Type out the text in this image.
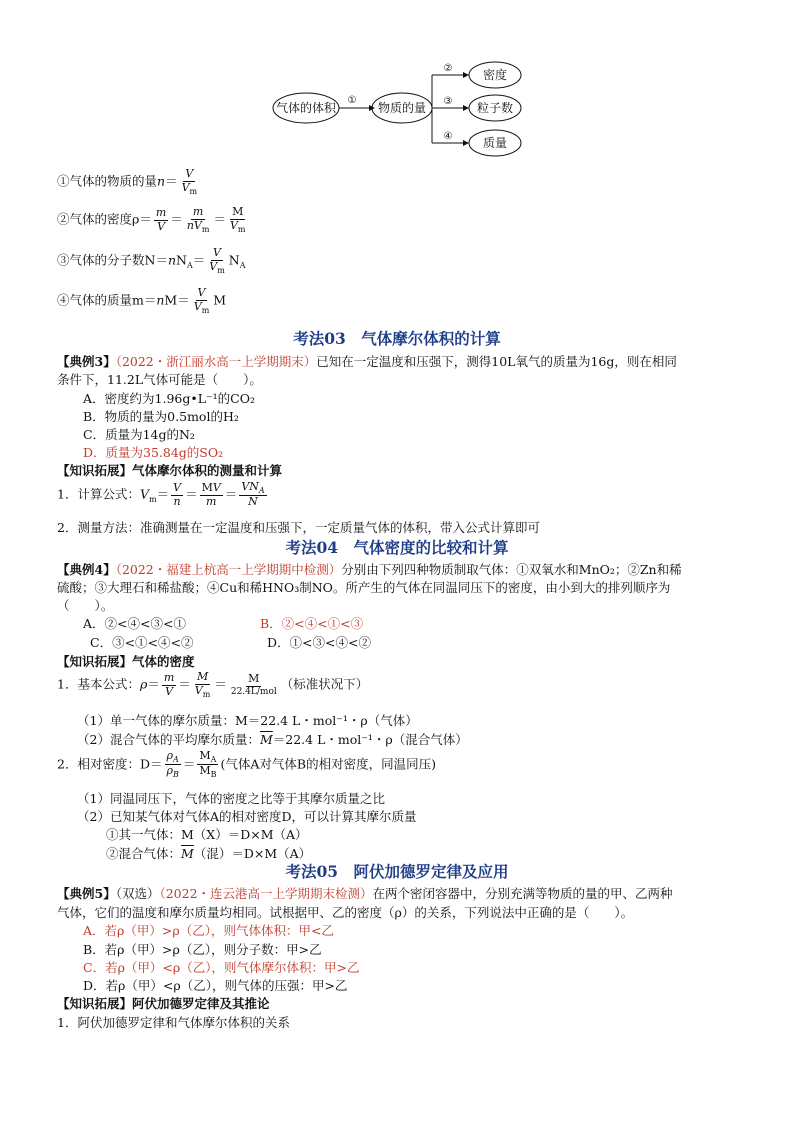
气体的体积
①
物质的量
②
③
④
密度
粒子数
质量
①气体的物质的量$n= \frac{V}{V_m}$
②气体的密度$\rho= \frac{m}{V} = \frac{m}{nV_m} = \frac{M}{V_m}$
③气体的分子数$N=nN_A= \frac{V}{V_m} N_A$
④气体的质量$m=nM= \frac{V}{V_m}$ M
考法03　气体摩尔体积的计算
【典例3】（2022・浙江丽水高一上学期期末）已知在一定温度和压强下，测得10L氧气的质量为16g，则在相同
条件下，11.2L气体可能是（　　）。
A．密度约为1.96g•L⁻¹的CO₂
B．物质的量为0.5mol的H₂
C．质量为14g的N₂
D．质量为35.84g的SO₂
【知识拓展】气体摩尔体积的测量和计算
1．计算公式：$V_m= \frac{V}{n} = \frac{MV}{m} = \frac{VN_A}{N}$
2．测量方法：准确测量在一定温度和压强下，一定质量气体的体积，带入公式计算即可
考法04　气体密度的比较和计算
【典例4】（2022・福建上杭高一上学期期中检测）分别由下列四种物质制取气体：①双氧水和MnO₂；②Zn和稀
硫酸；③大理石和稀盐酸；④Cu和稀HNO₃制NO。所产生的气体在同温同压下的密度，由小到大的排列顺序为
（　　）。
A．②<④<③<①	B．②<④<①<③
C．③<①<④<②	D．①<③<④<②
【知识拓展】气体的密度
1．基本公式：$\rho= \frac{m}{V} = \frac{M}{V_m} = \frac{M}{\text{22.4L/mol}}$ （标准状况下）
（1）单一气体的摩尔质量：M＝22.4 L・mol⁻¹・ρ（气体）
（2）混合气体的平均摩尔质量：$\overline{M}=22.4$ L・mol⁻¹・ρ（混合气体）
2．相对密度：$D= \frac{\rho_A}{\rho_B} = \frac{M_A}{M_B}$ (气体A对气体B的相对密度，同温同压)
（1）同温同压下，气体的密度之比等于其摩尔质量之比
（2）已知某气体对气体A的相对密度D，可以计算其摩尔质量
①其一气体：M（X）＝D×M（A）
②混合气体：$\overline{M}$（混）＝D×M（A）
考法05　阿伏加德罗定律及应用
【典例5】（双选）（2022・连云港高一上学期期末检测）在两个密闭容器中，分别充满等物质的量的甲、乙两种
气体，它们的温度和摩尔质量均相同。试根据甲、乙的密度（ρ）的关系，下列说法中正确的是（　　）。
A．若ρ（甲）>ρ（乙），则气体体积：甲<乙
B．若ρ（甲）>ρ（乙），则分子数：甲>乙
C．若ρ（甲）<ρ（乙），则气体摩尔体积：甲>乙
D．若ρ（甲）<ρ（乙），则气体的压强：甲>乙
【知识拓展】阿伏加德罗定律及其推论
1．阿伏加德罗定律和气体摩尔体积的关系
